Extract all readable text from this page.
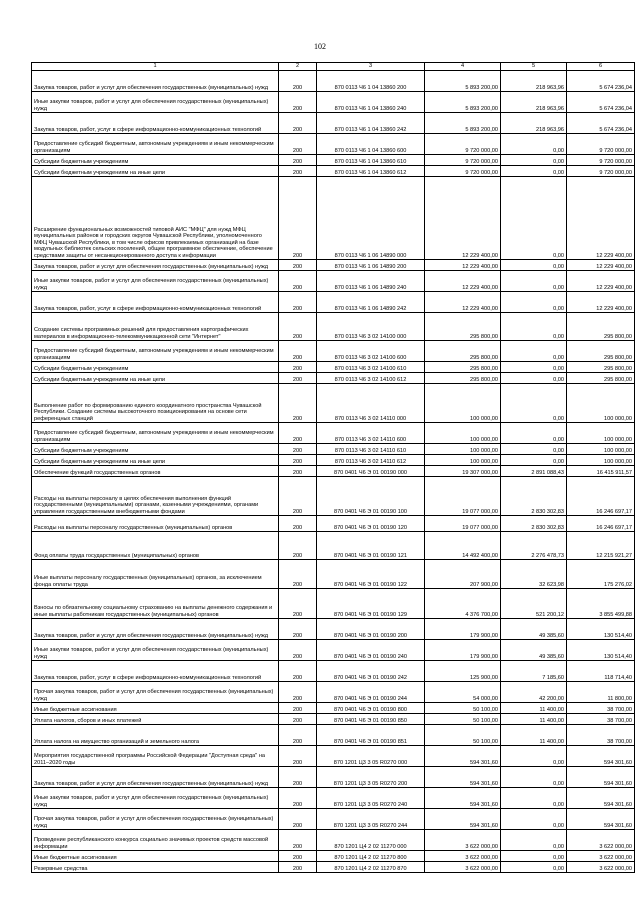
102
1	2	3	4	5	6
Закупка товаров, работ и услуг для обеспечения государственных (муниципальных) нужд	200	870 0113 Ч6 1 04 13860 200	5 893 200,00	218 963,96	5 674 236,04
Иные закупки товаров, работ и услуг для обеспечения государственных (муниципальных) нужд	200	870 0113 Ч6 1 04 13860 240	5 893 200,00	218 963,96	5 674 236,04
Закупка товаров, работ, услуг в сфере информационно-коммуникационных технологий	200	870 0113 Ч6 1 04 13860 242	5 893 200,00	218 963,96	5 674 236,04
Предоставление субсидий бюджетным, автономным учреждениям и иным некоммерческим организациям	200	870 0113 Ч6 1 04 13860 600	9 720 000,00	0,00	9 720 000,00
Субсидии бюджетным учреждениям	200	870 0113 Ч6 1 04 13860 610	9 720 000,00	0,00	9 720 000,00
Субсидии бюджетным учреждениям на иные цели	200	870 0113 Ч6 1 04 13860 612	9 720 000,00	0,00	9 720 000,00
Расширение функциональных возможностей типовой АИС "МФЦ" для нужд МФЦ муниципальных районов и городских округов Чувашской Республики, уполномоченного МФЦ Чувашской Республики, в том числе офисов привлекаемых организаций на базе модульных библиотек сельских поселений, общее программное обеспечение, обеспечение средствами защиты от несанкционированного доступа к информации	200	870 0113 Ч6 1 06 14890 000	12 229 400,00	0,00	12 229 400,00
Закупка товаров, работ и услуг для обеспечения государственных (муниципальных) нужд	200	870 0113 Ч6 1 06 14890 200	12 229 400,00	0,00	12 229 400,00
Иные закупки товаров, работ и услуг для обеспечения государственных (муниципальных) нужд	200	870 0113 Ч6 1 06 14890 240	12 229 400,00	0,00	12 229 400,00
Закупка товаров, работ, услуг в сфере информационно-коммуникационных технологий	200	870 0113 Ч6 1 06 14890 242	12 229 400,00	0,00	12 229 400,00
Создание системы программных решений для предоставления картографических материалов в информационно-телекоммуникационной сети "Интернет"	200	870 0113 Ч6 3 02 14100 000	295 800,00	0,00	295 800,00
Предоставление субсидий бюджетным, автономным учреждениям и иным некоммерческим организациям	200	870 0113 Ч6 3 02 14100 600	295 800,00	0,00	295 800,00
Субсидии бюджетным учреждениям	200	870 0113 Ч6 3 02 14100 610	295 800,00	0,00	295 800,00
Субсидии бюджетным учреждениям на иные цели	200	870 0113 Ч6 3 02 14100 612	295 800,00	0,00	295 800,00
Выполнение работ по формированию единого координатного пространства Чувашской Республики. Создание системы высокоточного позиционирования на основе сети референцных станций	200	870 0113 Ч6 3 02 14110 000	100 000,00	0,00	100 000,00
Предоставление субсидий бюджетным, автономным учреждениям и иным некоммерческим организациям	200	870 0113 Ч6 3 02 14110 600	100 000,00	0,00	100 000,00
Субсидии бюджетным учреждениям	200	870 0113 Ч6 3 02 14110 610	100 000,00	0,00	100 000,00
Субсидии бюджетным учреждениям на иные цели	200	870 0113 Ч6 3 02 14110 612	100 000,00	0,00	100 000,00
Обеспечение функций государственных органов	200	870 0401 Ч6 Э 01 00190 000	19 307 000,00	2 891 088,43	16 415 911,57
Расходы на выплаты персоналу в целях обеспечения выполнения функций государственными (муниципальными) органами, казенными учреждениями, органами управления государственными внебюджетными фондами	200	870 0401 Ч6 Э 01 00190 100	19 077 000,00	2 830 302,83	16 246 697,17
Расходы на выплаты персоналу государственных (муниципальных) органов	200	870 0401 Ч6 Э 01 00190 120	19 077 000,00	2 830 302,83	16 246 697,17
Фонд оплаты труда государственных (муниципальных) органов	200	870 0401 Ч6 Э 01 00190 121	14 492 400,00	2 276 478,73	12 215 921,27
Иные выплаты персоналу государственных (муниципальных) органов, за исключением фонда оплаты труда	200	870 0401 Ч6 Э 01 00190 122	207 900,00	32 623,98	175 276,02
Взносы по обязательному социальному страхованию на выплаты денежного содержания и иные выплаты работникам государственных (муниципальных) органов	200	870 0401 Ч6 Э 01 00190 129	4 376 700,00	521 200,12	3 855 499,88
Закупка товаров, работ и услуг для обеспечения государственных (муниципальных) нужд	200	870 0401 Ч6 Э 01 00190 200	179 900,00	49 385,60	130 514,40
Иные закупки товаров, работ и услуг для обеспечения государственных (муниципальных) нужд	200	870 0401 Ч6 Э 01 00190 240	179 900,00	49 385,60	130 514,40
Закупка товаров, работ, услуг в сфере информационно-коммуникационных технологий	200	870 0401 Ч6 Э 01 00190 242	125 900,00	7 185,60	118 714,40
Прочая закупка товаров, работ и услуг для обеспечения государственных (муниципальных) нужд	200	870 0401 Ч6 Э 01 00190 244	54 000,00	42 200,00	11 800,00
Иные бюджетные ассигнования	200	870 0401 Ч6 Э 01 00190 800	50 100,00	11 400,00	38 700,00
Уплата налогов, сборов и иных платежей	200	870 0401 Ч6 Э 01 00190 850	50 100,00	11 400,00	38 700,00
Уплата налога на имущество организаций и земельного налога	200	870 0401 Ч6 Э 01 00190 851	50 100,00	11 400,00	38 700,00
Мероприятия государственной программы Российской Федерации "Доступная среда" на 2011–2020 годы	200	870 1201 Ц3 3 05 R0270 000	594 301,60	0,00	594 301,60
Закупка товаров, работ и услуг для обеспечения государственных (муниципальных) нужд	200	870 1201 Ц3 3 05 R0270 200	594 301,60	0,00	594 301,60
Иные закупки товаров, работ и услуг для обеспечения государственных (муниципальных) нужд	200	870 1201 Ц3 3 05 R0270 240	594 301,60	0,00	594 301,60
Прочая закупка товаров, работ и услуг для обеспечения государственных (муниципальных) нужд	200	870 1201 Ц3 3 05 R0270 244	594 301,60	0,00	594 301,60
Проведение республиканского конкурса социально значимых проектов средств массовой информации	200	870 1201 Ц4 2 02 11270 000	3 622 000,00	0,00	3 622 000,00
Иные бюджетные ассигнования	200	870 1201 Ц4 2 02 11270 800	3 622 000,00	0,00	3 622 000,00
Резервные средства	200	870 1201 Ц4 2 02 11270 870	3 622 000,00	0,00	3 622 000,00
